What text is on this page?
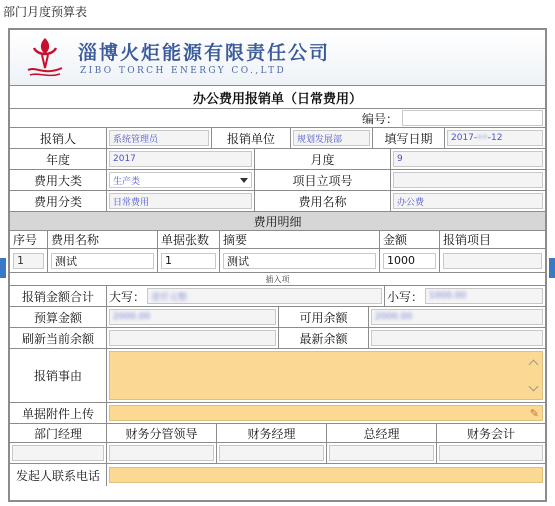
部门月度预算表
淄博火炬能源有限责任公司
ZIBO TORCH ENERGY CO.,LTD
办公费用报销单（日常费用）
编号：
报销人	系统管理员	报销单位	规划发展部	填写日期	2017- •• -12
年度	2017	月度	9
费用大类	生产类	项目立项号
费用分类	日常费用	费用名称	办公费
费用明细
序号	费用名称	单据张数	摘要	金额	报销项目
1	测试	1	测试	1000
插入项
报销金额合计	大写： 壹仟元整	小写： 1000.00
预算金额	2000.00	可用余额	2000.00
刷新当前余额	最新余额
报销事由
单据附件上传	✎
部门经理	财务分管领导	财务经理	总经理	财务会计
发起人联系电话
